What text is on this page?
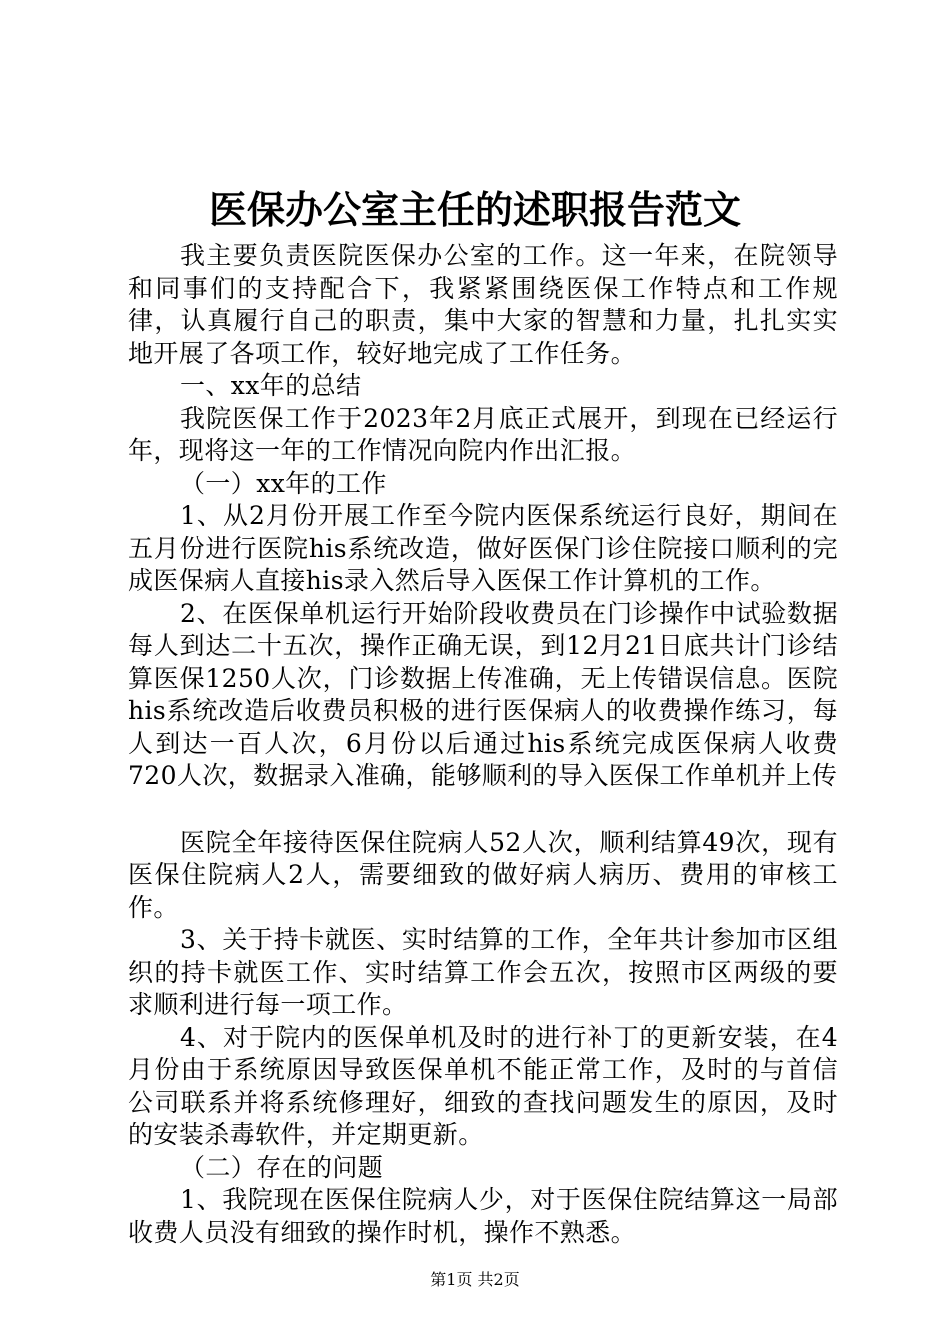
医保办公室主任的述职报告范文

我主要负责医院医保办公室的工作。这一年来，在院领导和同事们的支持配合下，我紧紧围绕医保工作特点和工作规律，认真履行自己的职责，集中大家的智慧和力量，扎扎实实地开展了各项工作，较好地完成了工作任务。

一、xx年的总结

我院医保工作于2023年2月底正式展开，到现在已经运行年，现将这一年的工作情况向院内作出汇报。

（一）xx年的工作

1、从2月份开展工作至今院内医保系统运行良好，期间在五月份进行医院his系统改造，做好医保门诊住院接口顺利的完成医保病人直接his录入然后导入医保工作计算机的工作。

2、在医保单机运行开始阶段收费员在门诊操作中试验数据每人到达二十五次，操作正确无误，到12月21日底共计门诊结算医保1250人次，门诊数据上传准确，无上传错误信息。医院his系统改造后收费员积极的进行医保病人的收费操作练习，每人到达一百人次，6月份以后通过his系统完成医保病人收费720人次，数据录入准确，能够顺利的导入医保工作单机并上传

医院全年接待医保住院病人52人次，顺利结算49次，现有医保住院病人2人，需要细致的做好病人病历、费用的审核工作。

3、关于持卡就医、实时结算的工作，全年共计参加市区组织的持卡就医工作、实时结算工作会五次，按照市区两级的要求顺利进行每一项工作。

4、对于院内的医保单机及时的进行补丁的更新安装，在4月份由于系统原因导致医保单机不能正常工作，及时的与首信公司联系并将系统修理好，细致的查找问题发生的原因，及时的安装杀毒软件，并定期更新。

（二）存在的问题

1、我院现在医保住院病人少，对于医保住院结算这一局部收费人员没有细致的操作时机，操作不熟悉。

第1页 共2页
